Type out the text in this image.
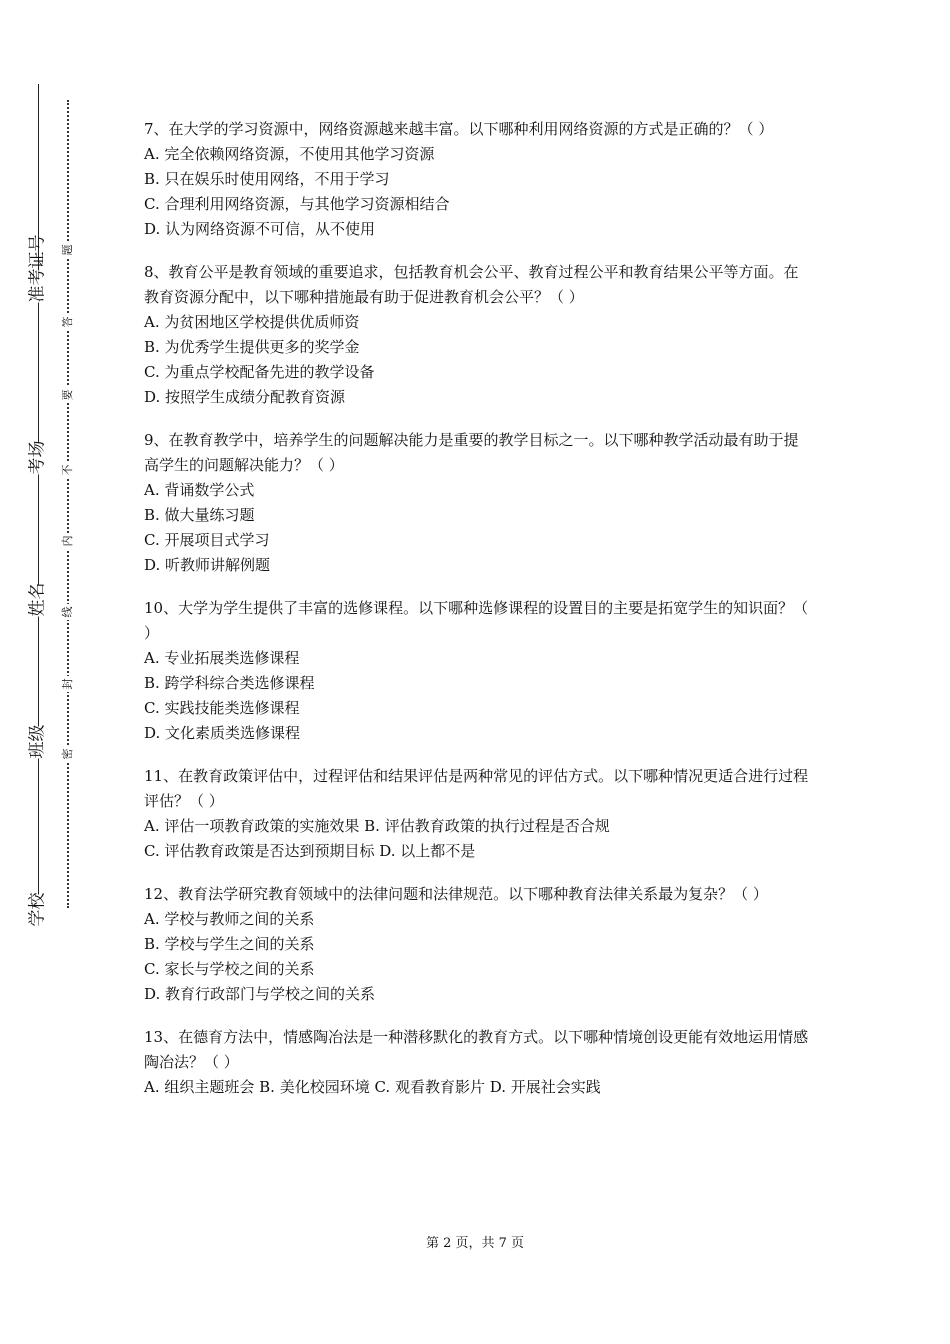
准考证号
考场
姓名
班级
学校
题
答
要
不
内
线
封
密

7、在大学的学习资源中，网络资源越来越丰富。以下哪种利用网络资源的方式是正确的？（ ）

A. 完全依赖网络资源，不使用其他学习资源

B. 只在娱乐时使用网络，不用于学习

C. 合理利用网络资源，与其他学习资源相结合

D. 认为网络资源不可信，从不使用

8、教育公平是教育领域的重要追求，包括教育机会公平、教育过程公平和教育结果公平等方面。在教育资源分配中，以下哪种措施最有助于促进教育机会公平？（ ）

A. 为贫困地区学校提供优质师资

B. 为优秀学生提供更多的奖学金

C. 为重点学校配备先进的教学设备

D. 按照学生成绩分配教育资源

9、在教育教学中，培养学生的问题解决能力是重要的教学目标之一。以下哪种教学活动最有助于提高学生的问题解决能力？（ ）

A. 背诵数学公式

B. 做大量练习题

C. 开展项目式学习

D. 听教师讲解例题

10、大学为学生提供了丰富的选修课程。以下哪种选修课程的设置目的主要是拓宽学生的知识面？（ ）

A. 专业拓展类选修课程

B. 跨学科综合类选修课程

C. 实践技能类选修课程

D. 文化素质类选修课程

11、在教育政策评估中，过程评估和结果评估是两种常见的评估方式。以下哪种情况更适合进行过程评估？（ ）

A. 评估一项教育政策的实施效果 B. 评估教育政策的执行过程是否合规

C. 评估教育政策是否达到预期目标 D. 以上都不是

12、教育法学研究教育领域中的法律问题和法律规范。以下哪种教育法律关系最为复杂？（ ）

A. 学校与教师之间的关系

B. 学校与学生之间的关系

C. 家长与学校之间的关系

D. 教育行政部门与学校之间的关系

13、在德育方法中，情感陶冶法是一种潜移默化的教育方式。以下哪种情境创设更能有效地运用情感陶冶法？（ ）

A. 组织主题班会 B. 美化校园环境 C. 观看教育影片 D. 开展社会实践

第 2 页，共 7 页
